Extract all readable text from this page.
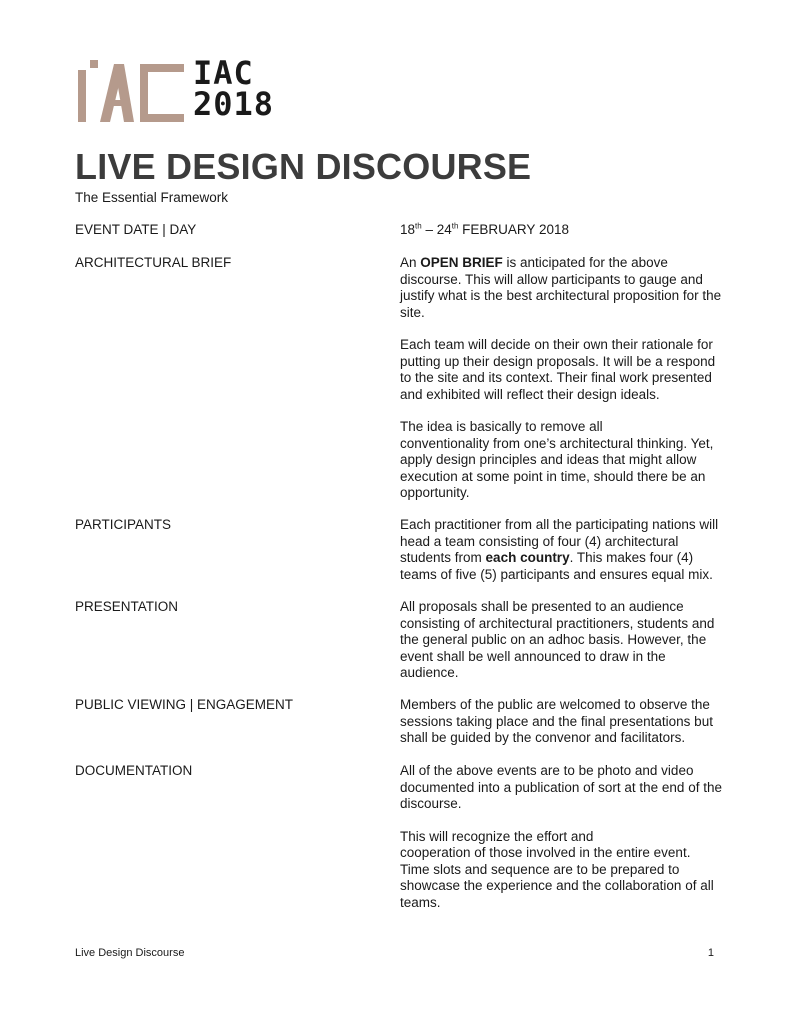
IAC
2018
LIVE DESIGN DISCOURSE
The Essential Framework
EVENT DATE | DAY	18th – 24th FEBRUARY 2018
ARCHITECTURAL BRIEF	An OPEN BRIEF is anticipated for the above discourse. This will allow participants to gauge and justify what is the best architectural proposition for the site.

Each team will decide on their own their rationale for putting up their design proposals. It will be a respond to the site and its context. Their final work presented and exhibited will reflect their design ideals.

The idea is basically to remove all
conventionality from one’s architectural thinking. Yet, apply design principles and ideas that might allow execution at some point in time, should there be an opportunity.

PARTICIPANTS	Each practitioner from all the participating nations will head a team consisting of four (4) architectural students from each country. This makes four (4) teams of five (5) participants and ensures equal mix.
PRESENTATION	All proposals shall be presented to an audience consisting of architectural practitioners, students and the general public on an adhoc basis. However, the event shall be well announced to draw in the audience.
PUBLIC VIEWING | ENGAGEMENT	Members of the public are welcomed to observe the sessions taking place and the final presentations but shall be guided by the convenor and facilitators.
DOCUMENTATION	All of the above events are to be photo and video documented into a publication of sort at the end of the discourse.

This will recognize the effort and
cooperation of those involved in the entire event. Time slots and sequence are to be prepared to showcase the experience and the collaboration of all teams.

Live Design Discourse	1
